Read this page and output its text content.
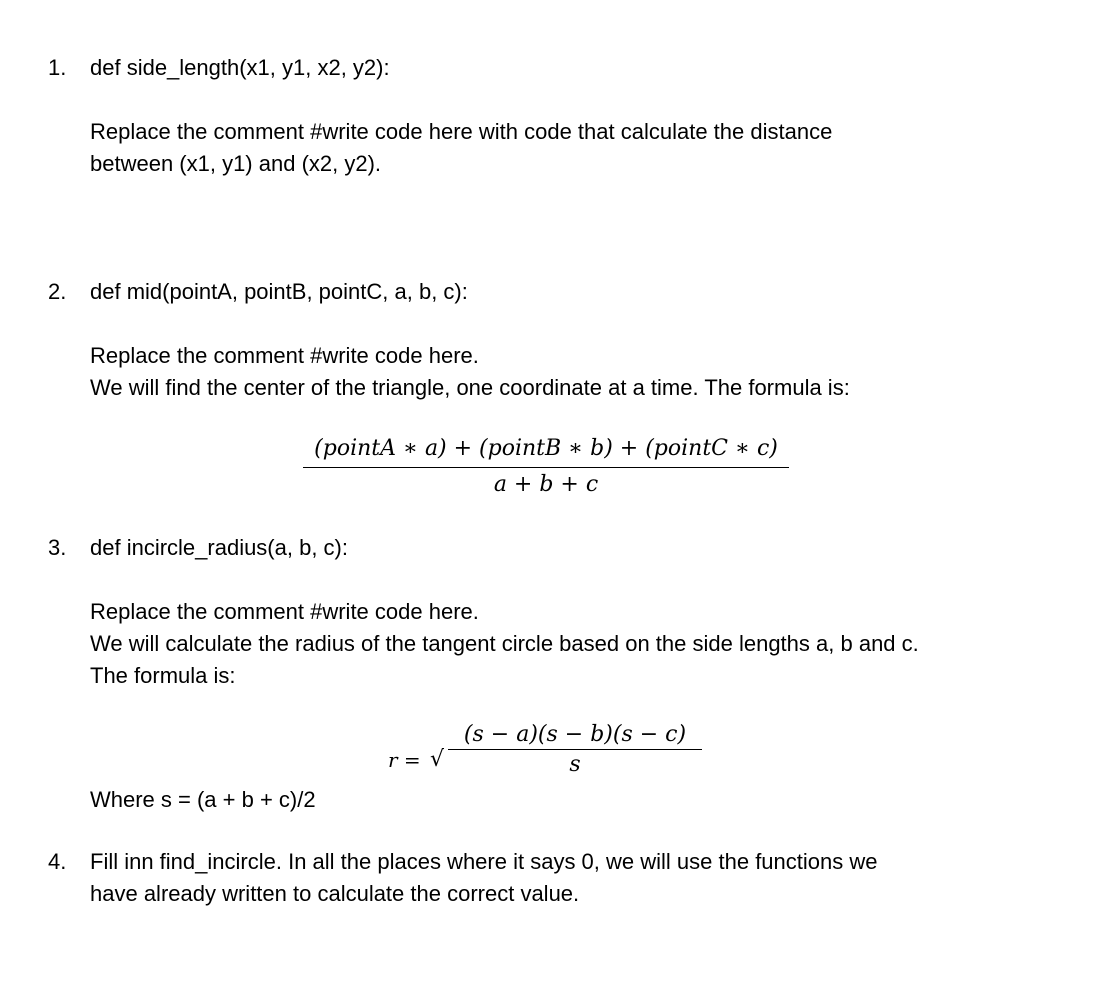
1. def side_length(x1, y1, x2, y2):
Replace the comment #write code here with code that calculate the distance
between (x1, y1) and (x2, y2).
2. def mid(pointA, pointB, pointC, a, b, c):
Replace the comment #write code here.
We will find the center of the triangle, one coordinate at a time. The formula is:
(pointA ∗ a) + (pointB ∗ b) + (pointC ∗ c)
a + b + c
3. def incircle_radius(a, b, c):
Replace the comment #write code here.
We will calculate the radius of the tangent circle based on the side lengths a, b and c.
The formula is:
r = √ $\frac{(s - a)(s - b)(s - c)}{s}$
Where s = (a + b + c)/2
4. Fill inn find_incircle. In all the places where it says 0, we will use the functions we
have already written to calculate the correct value.
